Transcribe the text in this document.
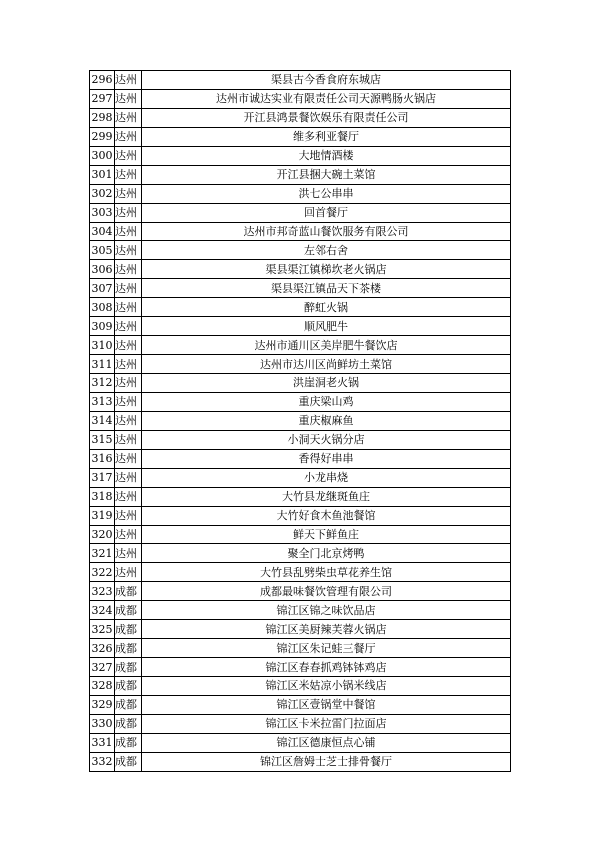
296	达州	渠县古今香食府东城店
297	达州	达州市诚达实业有限责任公司天源鸭肠火锅店
298	达州	开江县鸿景餐饮娱乐有限责任公司
299	达州	维多利亚餐厅
300	达州	大地情酒楼
301	达州	开江县捆大碗土菜馆
302	达州	洪七公串串
303	达州	回首餐厅
304	达州	达州市邦奇蓝山餐饮服务有限公司
305	达州	左邻右舍
306	达州	渠县渠江镇梯坎老火锅店
307	达州	渠县渠江镇品天下茶楼
308	达州	醉虹火锅
309	达州	顺风肥牛
310	达州	达州市通川区美岸肥牛餐饮店
311	达州	达州市达川区尚鲜坊土菜馆
312	达州	洪崖洞老火锅
313	达州	重庆梁山鸡
314	达州	重庆椒麻鱼
315	达州	小洞天火锅分店
316	达州	香得好串串
317	达州	小龙串烧
318	达州	大竹县龙继斑鱼庄
319	达州	大竹好食木鱼池餐馆
320	达州	鲜天下鲜鱼庄
321	达州	聚全门北京烤鸭
322	达州	大竹县乱劈柴虫草花养生馆
323	成都	成都最味餐饮管理有限公司
324	成都	锦江区锦之味饮品店
325	成都	锦江区美厨辣芙蓉火锅店
326	成都	锦江区朱记蛙三餐厅
327	成都	锦江区春春抓鸡钵钵鸡店
328	成都	锦江区米姑凉小锅米线店
329	成都	锦江区壹锅堂中餐馆
330	成都	锦江区卡米拉雷门拉面店
331	成都	锦江区德康恒点心铺
332	成都	锦江区詹姆士芝士排骨餐厅
